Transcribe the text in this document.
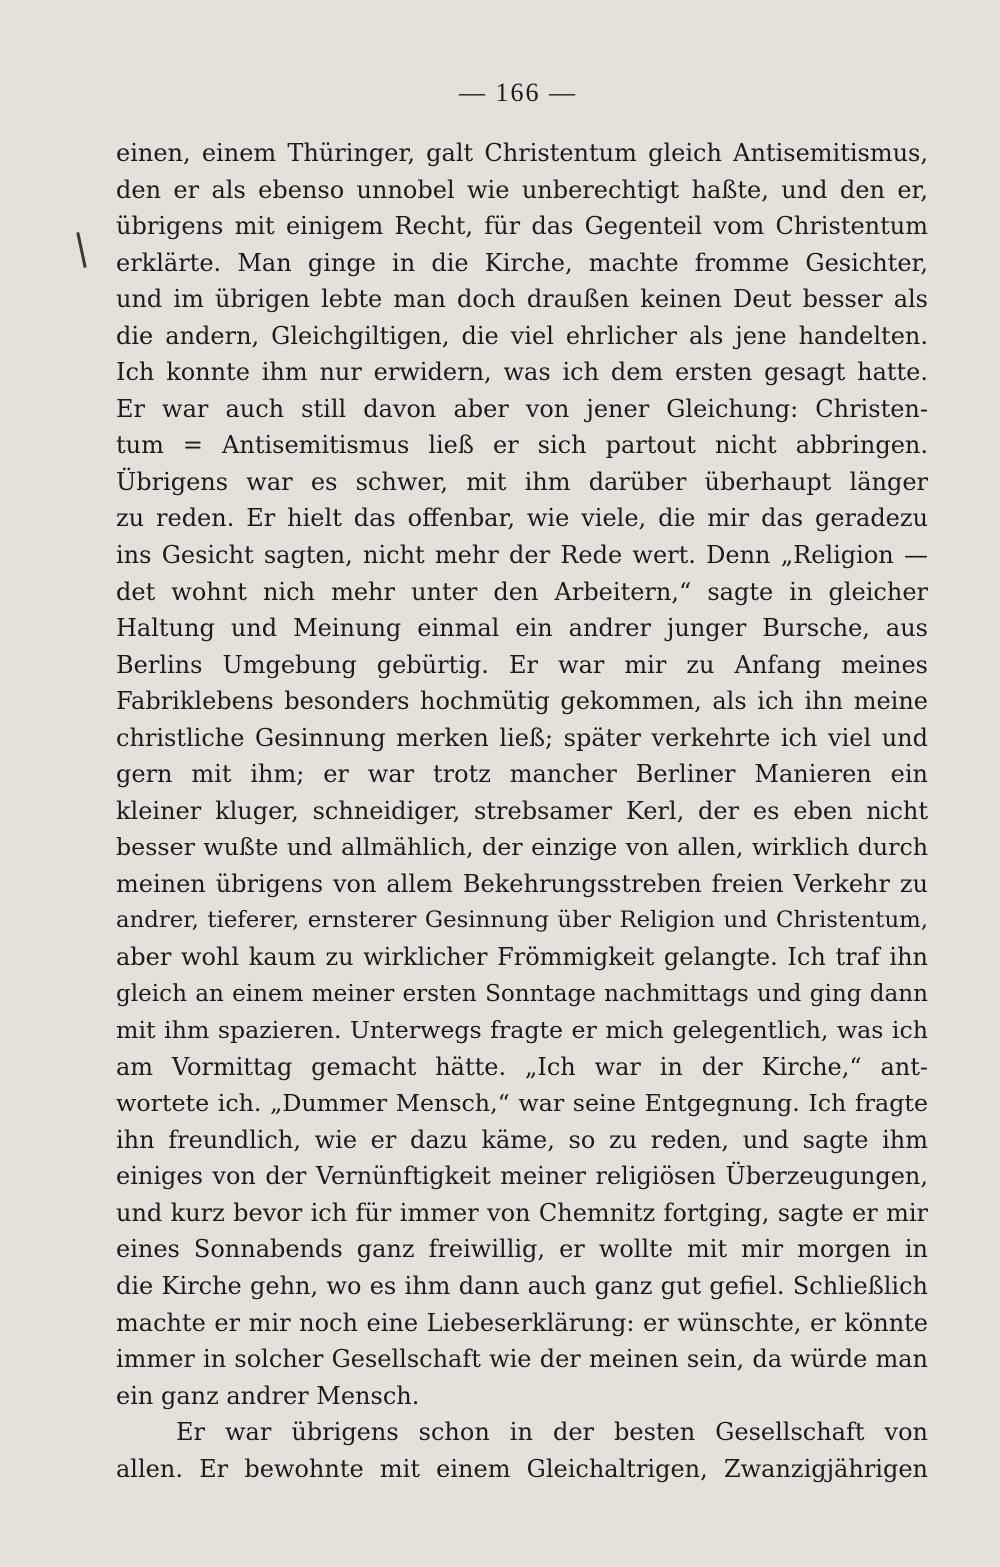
— 166 —
einen, einem Thüringer, galt Christentum gleich Antisemitismus,
den er als ebenso unnobel wie unberechtigt haßte, und den er,
übrigens mit einigem Recht, für das Gegenteil vom Christentum
erklärte. Man ginge in die Kirche, machte fromme Gesichter,
und im übrigen lebte man doch draußen keinen Deut besser als
die andern, Gleichgiltigen, die viel ehrlicher als jene handelten.
Ich konnte ihm nur erwidern, was ich dem ersten gesagt hatte.
Er war auch still davon aber von jener Gleichung: Christen-
tum = Antisemitismus ließ er sich partout nicht abbringen.
Übrigens war es schwer, mit ihm darüber überhaupt länger
zu reden. Er hielt das offenbar, wie viele, die mir das geradezu
ins Gesicht sagten, nicht mehr der Rede wert. Denn „Religion —
det wohnt nich mehr unter den Arbeitern,“ sagte in gleicher
Haltung und Meinung einmal ein andrer junger Bursche, aus
Berlins Umgebung gebürtig. Er war mir zu Anfang meines
Fabriklebens besonders hochmütig gekommen, als ich ihn meine
christliche Gesinnung merken ließ; später verkehrte ich viel und
gern mit ihm; er war trotz mancher Berliner Manieren ein
kleiner kluger, schneidiger, strebsamer Kerl, der es eben nicht
besser wußte und allmählich, der einzige von allen, wirklich durch
meinen übrigens von allem Bekehrungsstreben freien Verkehr zu
andrer, tieferer, ernsterer Gesinnung über Religion und Christentum,
aber wohl kaum zu wirklicher Frömmigkeit gelangte. Ich traf ihn
gleich an einem meiner ersten Sonntage nachmittags und ging dann
mit ihm spazieren. Unterwegs fragte er mich gelegentlich, was ich
am Vormittag gemacht hätte. „Ich war in der Kirche,“ ant-
wortete ich. „Dummer Mensch,“ war seine Entgegnung. Ich fragte
ihn freundlich, wie er dazu käme, so zu reden, und sagte ihm
einiges von der Vernünftigkeit meiner religiösen Überzeugungen,
und kurz bevor ich für immer von Chemnitz fortging, sagte er mir
eines Sonnabends ganz freiwillig, er wollte mit mir morgen in
die Kirche gehn, wo es ihm dann auch ganz gut gefiel. Schließlich
machte er mir noch eine Liebeserklärung: er wünschte, er könnte
immer in solcher Gesellschaft wie der meinen sein, da würde man
ein ganz andrer Mensch.
Er war übrigens schon in der besten Gesellschaft von
allen. Er bewohnte mit einem Gleichaltrigen, Zwanzigjährigen
